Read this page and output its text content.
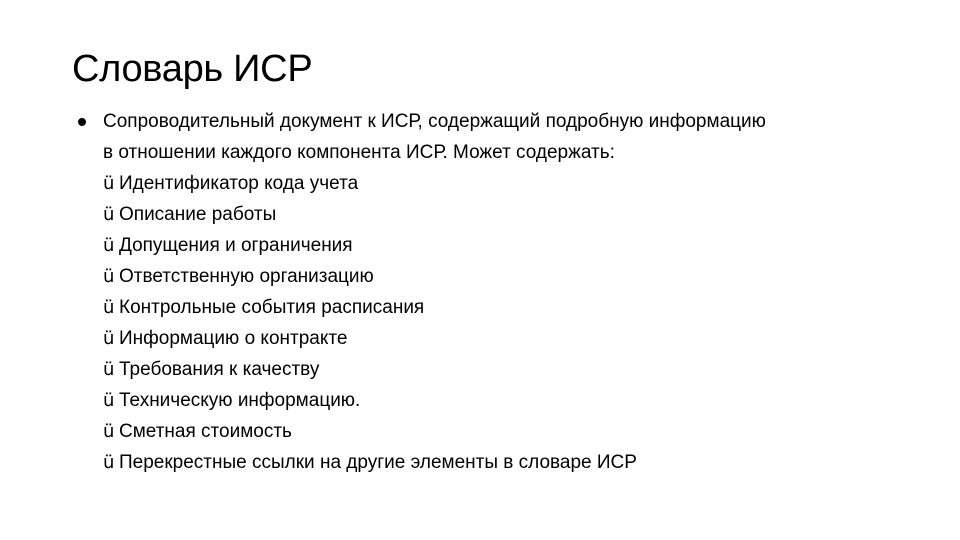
Словарь ИСР
Сопроводительный документ к ИСР, содержащий подробную информацию
в отношении каждого компонента ИСР. Может содержать:
ü Идентификатор кода учета
ü Описание работы
ü Допущения и ограничения
ü Ответственную организацию
ü Контрольные события расписания
ü Информацию о контракте
ü Требования к качеству
ü Техническую информацию.
ü Сметная стоимость
ü Перекрестные ссылки на другие элементы в словаре ИСР
